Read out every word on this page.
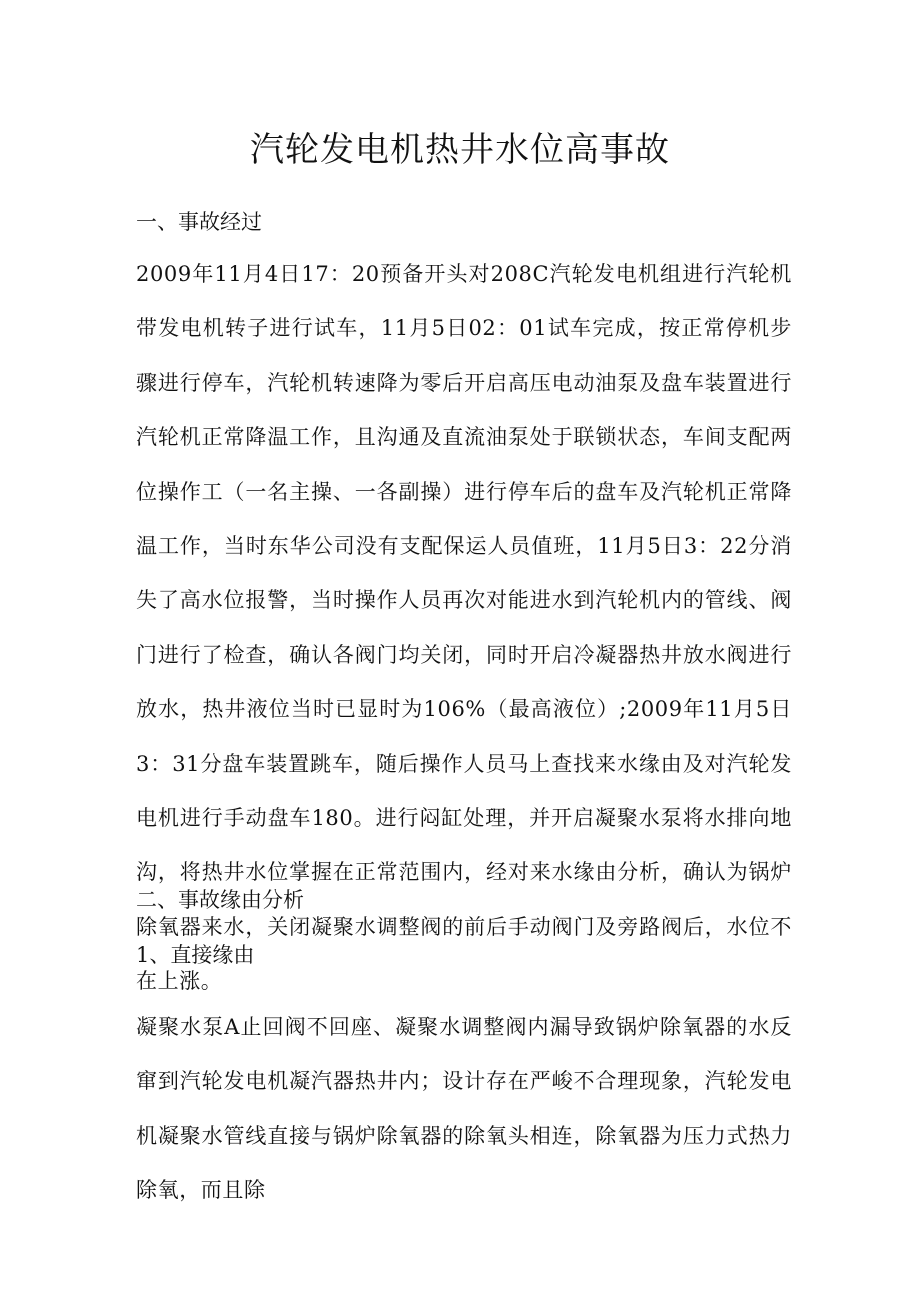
汽轮发电机热井水位高事故

一、事故经过

2009年11月4日17：20预备开头对208C汽轮发电机组进行汽轮机带发电机转子进行试车，11月5日02：01试车完成，按正常停机步骤进行停车，汽轮机转速降为零后开启高压电动油泵及盘车装置进行汽轮机正常降温工作，且沟通及直流油泵处于联锁状态，车间支配两位操作工（一名主操、一各副操）进行停车后的盘车及汽轮机正常降温工作，当时东华公司没有支配保运人员值班，11月5日3：22分消失了高水位报警，当时操作人员再次对能进水到汽轮机内的管线、阀门进行了检查，确认各阀门均关闭，同时开启冷凝器热井放水阀进行放水，热井液位当时已显时为106%（最高液位）;2009年11月5日3：31分盘车装置跳车，随后操作人员马上查找来水缘由及对汽轮发电机进行手动盘车180。进行闷缸处理，并开启凝聚水泵将水排向地沟，将热井水位掌握在正常范围内，经对来水缘由分析，确认为锅炉除氧器来水，关闭凝聚水调整阀的前后手动阀门及旁路阀后，水位不在上涨。

二、事故缘由分析

1、直接缘由

凝聚水泵A止回阀不回座、凝聚水调整阀内漏导致锅炉除氧器的水反窜到汽轮发电机凝汽器热井内；设计存在严峻不合理现象，汽轮发电机凝聚水管线直接与锅炉除氧器的除氧头相连，除氧器为压力式热力除氧，而且除
